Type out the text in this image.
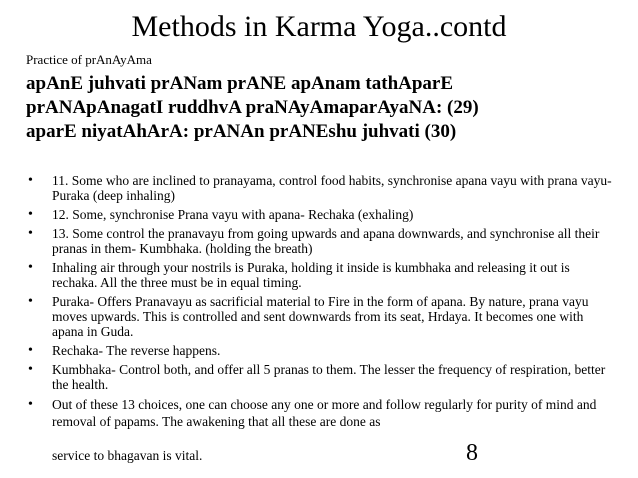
Methods in Karma Yoga..contd
Practice of prAnAyAma
apAnE juhvati prANam prANE apAnam tathAparE
prANApAnagatI ruddhvA praNAyAmaparAyaNA: (29)
aparE niyatAhArA: prANAn prANEshu juhvati (30)
• 11. Some who are inclined to pranayama, control food habits, synchronise apana vayu with prana vayu- Puraka (deep inhaling)
• 12. Some, synchronise Prana vayu with apana- Rechaka (exhaling)
• 13. Some control the pranavayu from going upwards and apana downwards, and synchronise all their pranas in them- Kumbhaka. (holding the breath)
• Inhaling air through your nostrils is Puraka, holding it inside is kumbhaka and releasing it out is rechaka. All the three must be in equal timing.
• Puraka- Offers Pranavayu as sacrificial material to Fire in the form of apana. By nature, prana vayu moves upwards. This is controlled and sent downwards from its seat, Hrdaya. It becomes one with apana in Guda.
• Rechaka- The reverse happens.
• Kumbhaka- Control both, and offer all 5 pranas to them. The lesser the frequency of respiration, better the health.
• Out of these 13 choices, one can choose any one or more and follow regularly for purity of mind and removal of papams. The awakening that all these are done as
service to bhagavan is vital.	8
